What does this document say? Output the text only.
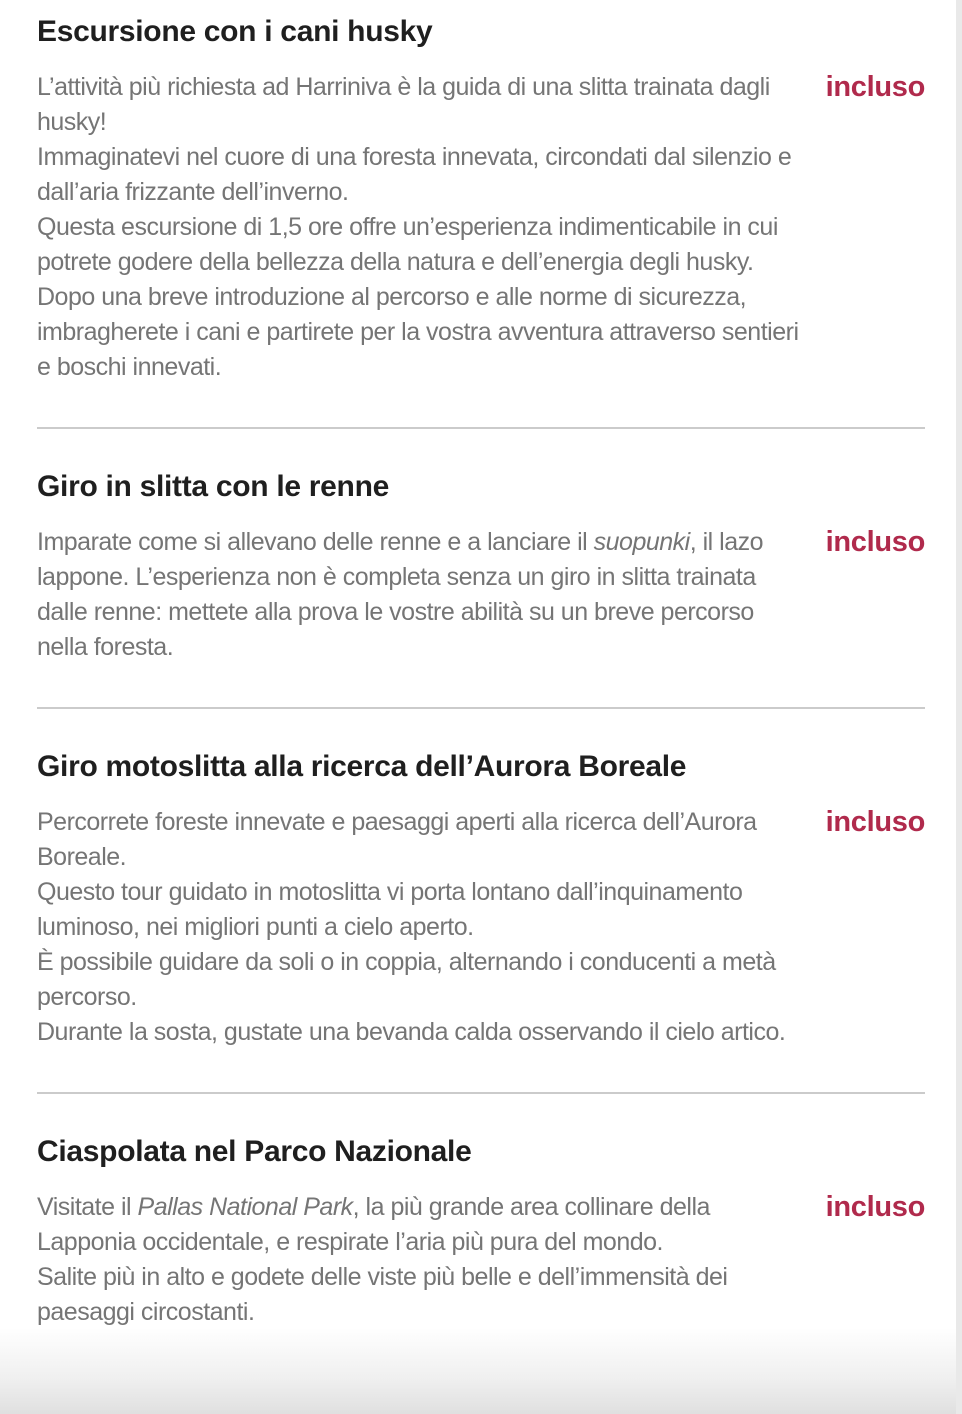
Escursione con i cani husky

L’attività più richiesta ad Harriniva è la guida di una slitta trainata dagli husky!

Immaginatevi nel cuore di una foresta innevata, circondati dal silenzio e dall’aria frizzante dell’inverno.

Questa escursione di 1,5 ore offre un’esperienza indimenticabile in cui potrete godere della bellezza della natura e dell’energia degli husky.

Dopo una breve introduzione al percorso e alle norme di sicurezza, imbragherete i cani e partirete per la vostra avventura attraverso sentieri e boschi innevati.

incluso
Giro in slitta con le renne

Imparate come si allevano delle renne e a lanciare il suopunki, il lazo lappone. L’esperienza non è completa senza un giro in slitta trainata dalle renne: mettete alla prova le vostre abilità su un breve percorso nella foresta.

incluso
Giro motoslitta alla ricerca dell’Aurora Boreale

Percorrete foreste innevate e paesaggi aperti alla ricerca dell’Aurora Boreale.

Questo tour guidato in motoslitta vi porta lontano dall’inquinamento luminoso, nei migliori punti a cielo aperto.

È possibile guidare da soli o in coppia, alternando i conducenti a metà percorso.

Durante la sosta, gustate una bevanda calda osservando il cielo artico.

incluso
Ciaspolata nel Parco Nazionale

Visitate il Pallas National Park, la più grande area collinare della Lapponia occidentale, e respirate l’aria più pura del mondo.

Salite più in alto e godete delle viste più belle e dell’immensità dei paesaggi circostanti.

incluso
